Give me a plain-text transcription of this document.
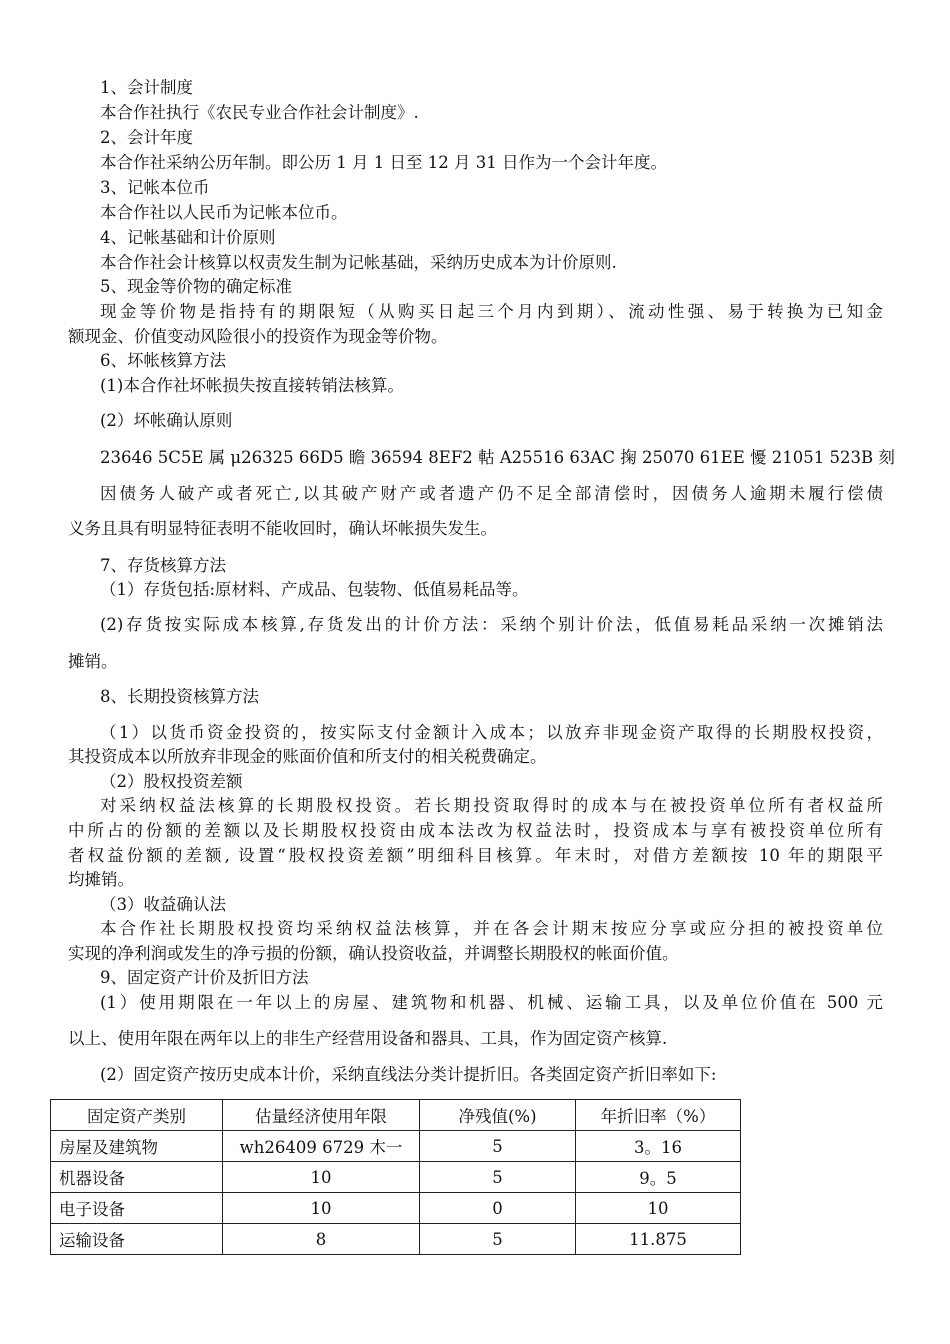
1、会计制度
本合作社执行《农民专业合作社会计制度》.
2、会计年度
本合作社采纳公历年制。即公历 1 月 1 日至 12 月 31 日作为一个会计年度。
3、记帐本位币
本合作社以人民币为记帐本位币。
4、记帐基础和计价原则
本合作社会计核算以权责发生制为记帐基础，采纳历史成本为计价原则.
5、现金等价物的确定标准
现金等价物是指持有的期限短（从购买日起三个月内到期）、流动性强、易于转换为已知金
额现金、价值变动风险很小的投资作为现金等价物。
6、坏帐核算方法
(1)本合作社坏帐损失按直接转销法核算。
(2）坏帐确认原则
23646 5C5E 属 μ26325 66D5 瞻 36594 8EF2 軲 A25516 63AC 掬 25070 61EE 懮 21051 523B 刻
因债务人破产或者死亡,以其破产财产或者遗产仍不足全部清偿时，因债务人逾期未履行偿债
义务且具有明显特征表明不能收回时，确认坏帐损失发生。
7、存货核算方法
（1）存货包括:原材料、产成品、包装物、低值易耗品等。
(2)存货按实际成本核算,存货发出的计价方法：采纳个别计价法，低值易耗品采纳一次摊销法
摊销。
8、长期投资核算方法
（1）以货币资金投资的，按实际支付金额计入成本；以放弃非现金资产取得的长期股权投资，
其投资成本以所放弃非现金的账面价值和所支付的相关税费确定。
（2）股权投资差额
对采纳权益法核算的长期股权投资。若长期投资取得时的成本与在被投资单位所有者权益所
中所占的份额的差额以及长期股权投资由成本法改为权益法时，投资成本与享有被投资单位所有
者权益份额的差额, 设置“股权投资差额”明细科目核算。年末时，对借方差额按 10 年的期限平
均摊销。
（3）收益确认法
本合作社长期股权投资均采纳权益法核算，并在各会计期末按应分享或应分担的被投资单位
实现的净利润或发生的净亏损的份额，确认投资收益，并调整长期股权的帐面价值。
9、固定资产计价及折旧方法
(1）使用期限在一年以上的房屋、建筑物和机器、机械、运输工具，以及单位价值在 500 元
以上、使用年限在两年以上的非生产经营用设备和器具、工具，作为固定资产核算.
(2）固定资产按历史成本计价，采纳直线法分类计提折旧。各类固定资产折旧率如下:
固定资产类别	估量经济使用年限	净残值(%)	年折旧率（%）
房屋及建筑物	wh26409 6729 木一	5	3。16
机器设备	10	5	9。5
电子设备	10	0	10
运输设备	8	5	11.875
